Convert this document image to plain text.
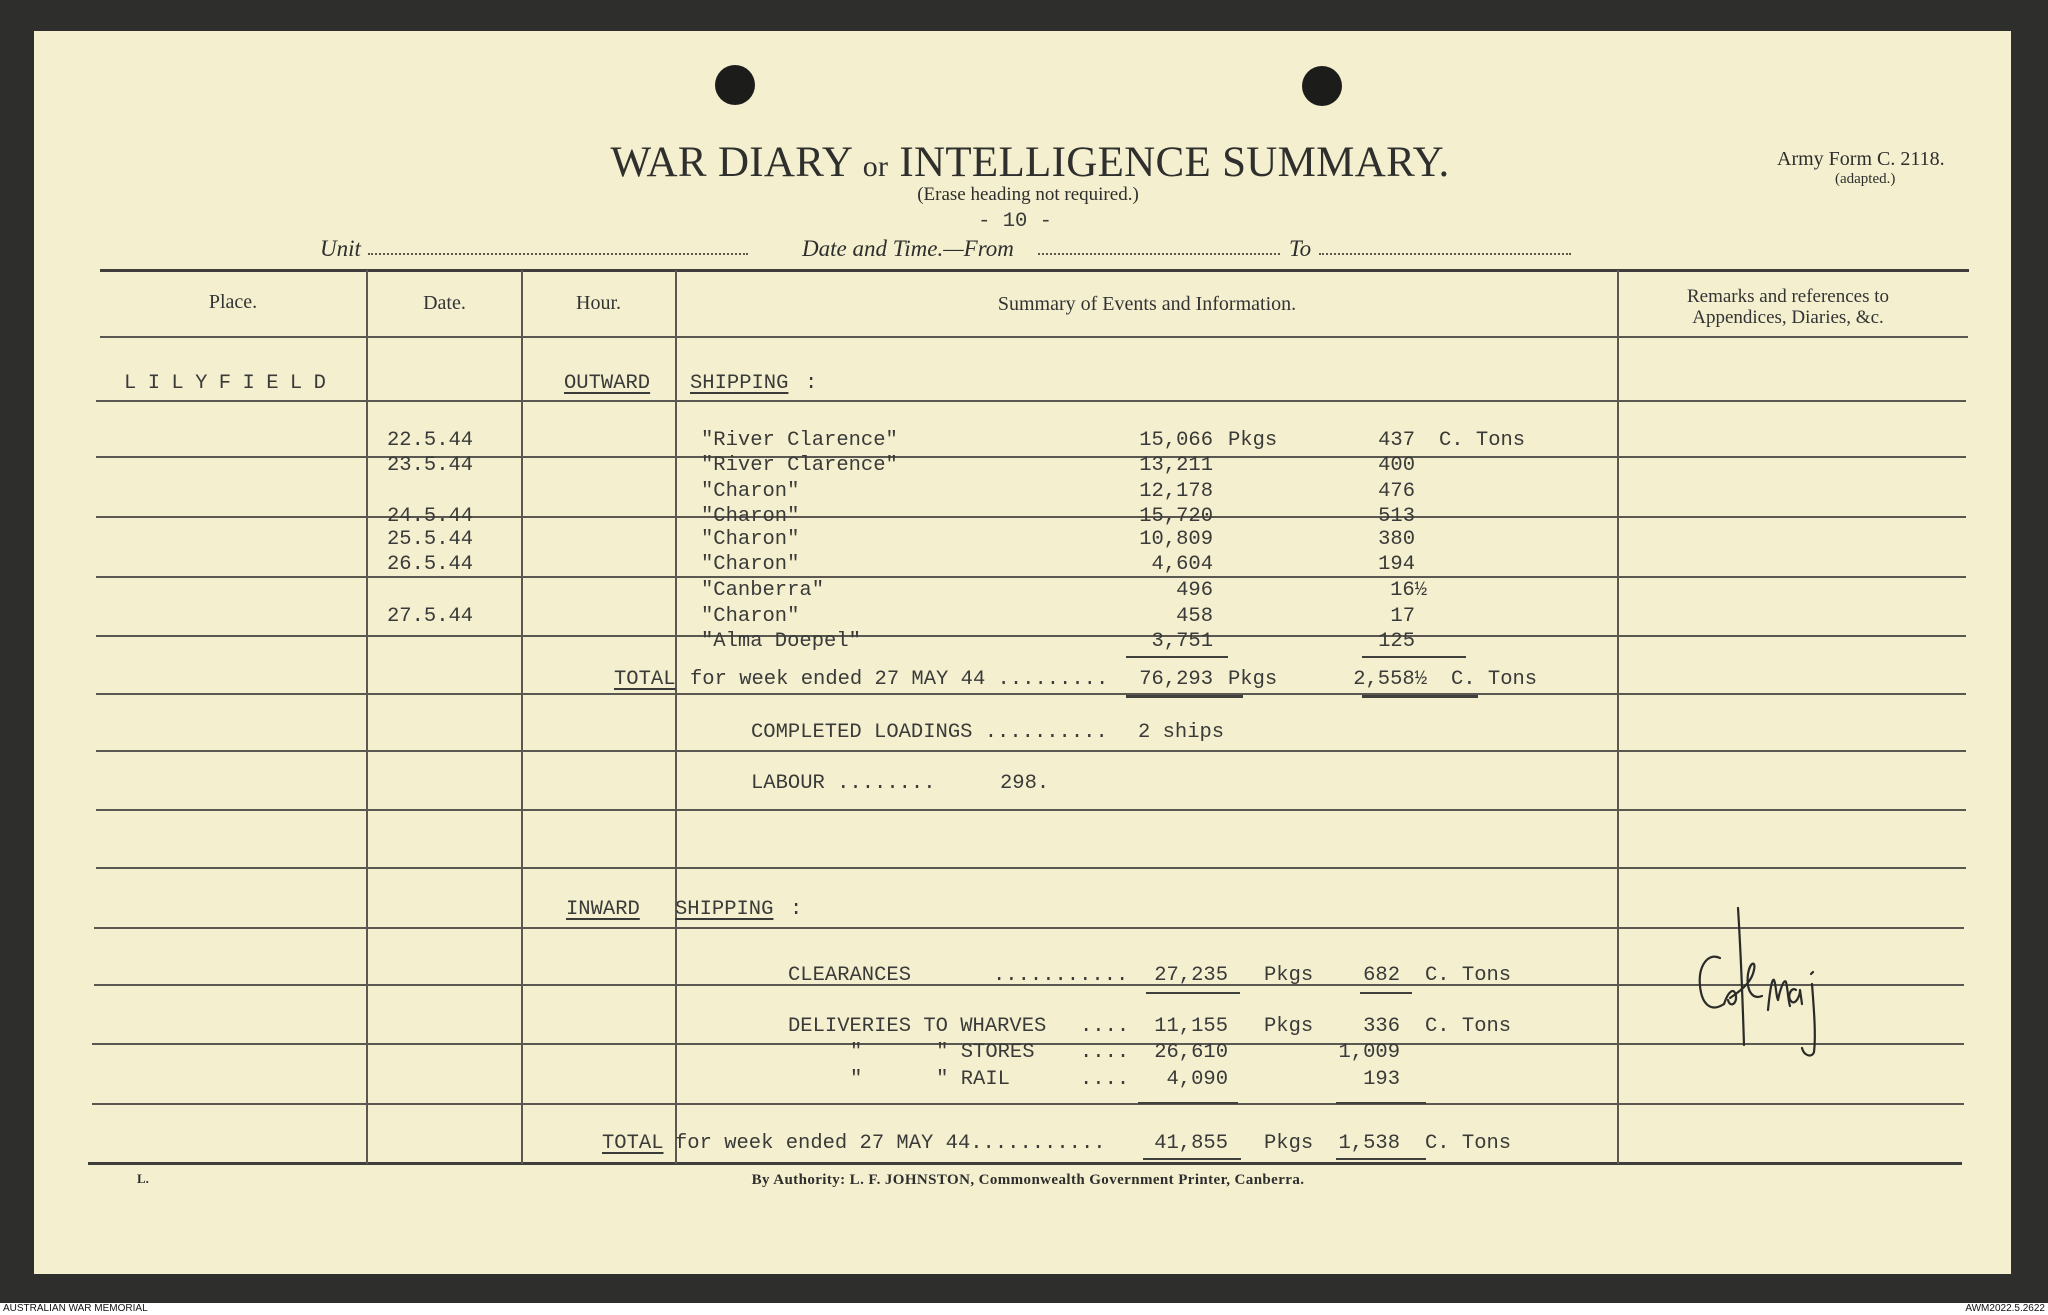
WAR DIARY or INTELLIGENCE SUMMARY.
(Erase heading not required.)
- 10 -
Army Form C. 2118.
(adapted.)
Unit	Date and Time.—From	To
Place.	Date.	Hour.	Summary of Events and Information.	Remarks and references to
Appendices, Diaries, &c.
LILYFIELD	OUTWARD SHIPPING :
22.5.44	"River Clarence"	15,066 Pkgs	437 C. Tons
23.5.44	"River Clarence"	13,211	400
"Charon"	12,178	476
24.5.44	"Charon"	15,720	513
25.5.44	"Charon"	10,809	380
26.5.44	"Charon"	4,604	194
"Canberra"	496	16½
27.5.44	"Charon"	458	17
"Alma Doepel"	3,751	125
TOTAL for week ended 27 MAY 44 .........	76,293 Pkgs	2,558½ C. Tons
COMPLETED LOADINGS .......... 2 ships
LABOUR ........	298.
INWARD SHIPPING :
CLEARANCES	...........	27,235 Pkgs	682 C. Tons
DELIVERIES TO WHARVES ....	11,155 Pkgs	336 C. Tons
"      " STORES ....	26,610	1,009
"      " RAIL	....	4,090	193
TOTAL for week ended 27 MAY 44...........	41,855 Pkgs	1,538 C. Tons
L.	By Authority: L. F. JOHNSTON, Commonwealth Government Printer, Canberra.
AUSTRALIAN WAR MEMORIAL	AWM2022.5.2622
